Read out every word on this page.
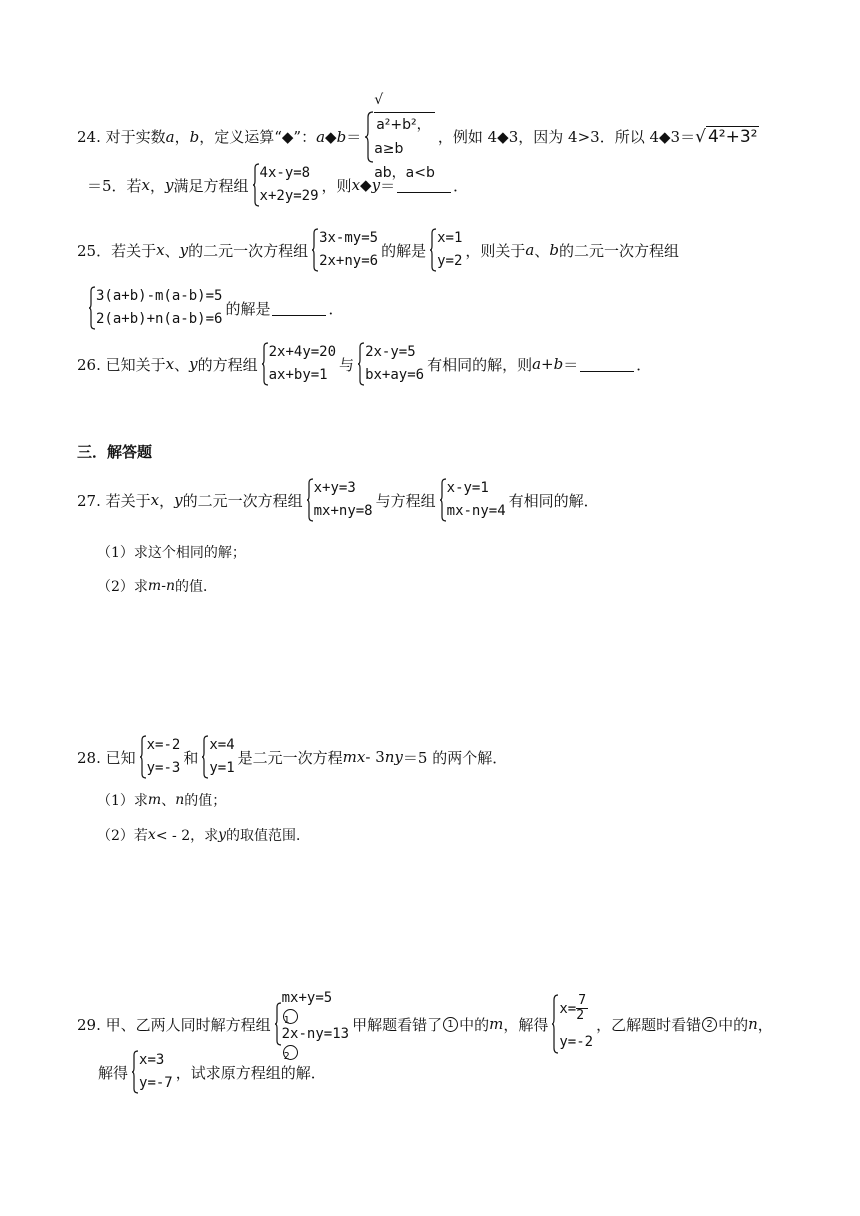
24. 对于实数 a ， b ，定义运算“◆”： a ◆ b ＝
√
a²+b²，
a≥b
ab，a<b
，例如 4◆3，因为 4>3．所以 4◆3＝ √ 4²+3²
＝5．若 x ， y 满足方程组
4x-y=8
x+2y=29
，则 x ◆ y ＝	．
25．若关于 x 、 y 的二元一次方程组
3x-my=5
2x+ny=6
的解是
x=1
y=2
，则关于 a 、 b 的二元一次方程组
3(a+b)-m(a-b)=5
2(a+b)+n(a-b)=6
的解是	．
26. 已知关于 x 、 y 的方程组
2x+4y=20
ax+by=1
与
2x-y=5
bx+ay=6
有相同的解，则 a+b ＝	．
三．解答题
27. 若关于 x ， y 的二元一次方程组
x+y=3
mx+ny=8
与方程组
x-y=1
mx-ny=4
有相同的解．
（1）求这个相同的解；
（2）求 m - n 的值．
28. 已知
x=-2
y=-3
和
x=4
y=1
是二元一次方程 mx - 3 ny ＝5 的两个解．
（1）求 m 、 n 的值；
（2）若 x < - 2，求 y 的取值范围．
29. 甲、乙两人同时解方程组
mx+y=5
1
2x-ny=13
2
甲解题看错了 1 中的 m ，解得
$x= \frac{7}{2}$
y=-2
，乙解题时看错 2 中的 n ，
解得
x=3
y=-7
，试求原方程组的解．
